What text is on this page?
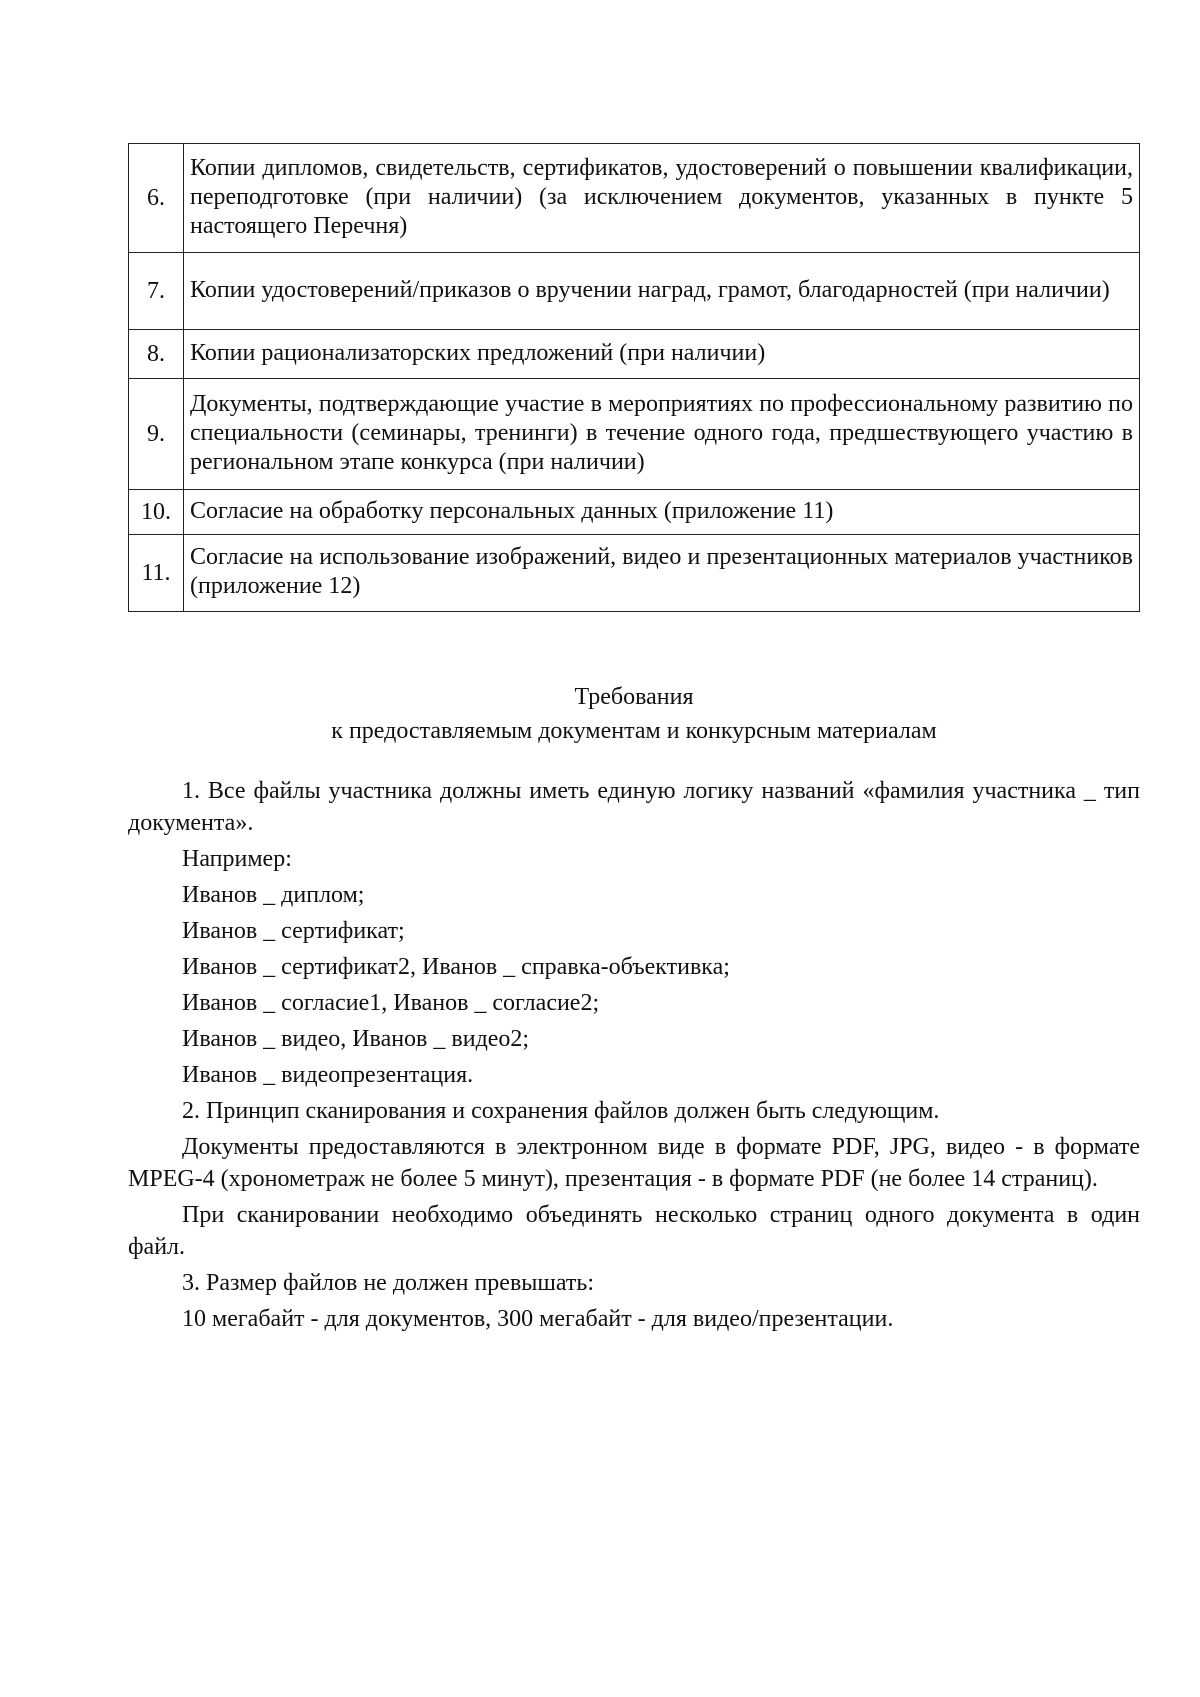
6.	Копии дипломов, свидетельств, сертификатов, удостоверений о повышении квалификации, переподготовке (при наличии) (за исключением документов, указанных в пункте 5 настоящего Перечня)
7.	Копии удостоверений/приказов о вручении наград, грамот, благодарностей (при наличии)
8.	Копии рационализаторских предложений (при наличии)
9.	Документы, подтверждающие участие в мероприятиях по профессиональному развитию по специальности (семинары, тренинги) в течение одного года, предшествующего участию в региональном этапе конкурса (при наличии)
10.	Согласие на обработку персональных данных (приложение 11)
11.	Согласие на использование изображений, видео и презентационных материалов участников (приложение 12)
Требования
к предоставляемым документам и конкурсным материалам

1. Все файлы участника должны иметь единую логику названий «фамилия участника _ тип документа».

Например:

Иванов _ диплом;

Иванов _ сертификат;

Иванов _ сертификат2, Иванов _ справка-объективка;

Иванов _ согласие1, Иванов _ согласие2;

Иванов _ видео, Иванов _ видео2;

Иванов _ видеопрезентация.

2. Принцип сканирования и сохранения файлов должен быть следующим.

Документы предоставляются в электронном виде в формате PDF, JPG, видео - в формате MPEG-4 (хронометраж не более 5 минут), презентация - в формате PDF (не более 14 страниц).

При сканировании необходимо объединять несколько страниц одного документа в один файл.

3. Размер файлов не должен превышать:

10 мегабайт - для документов, 300 мегабайт - для видео/презентации.
